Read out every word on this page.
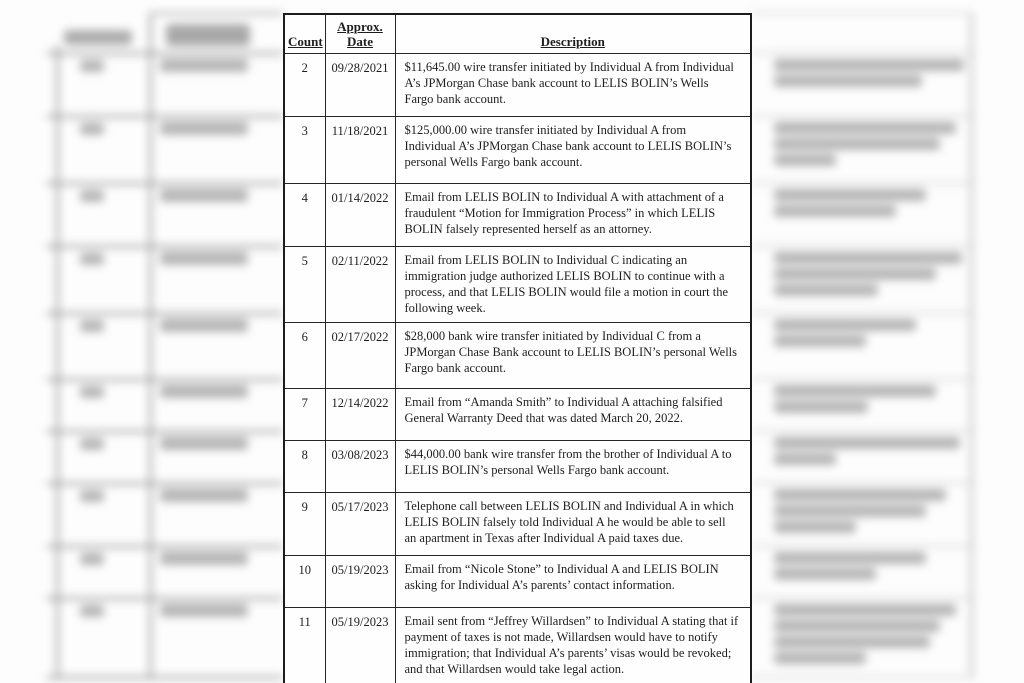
Count	Approx. Date	Description
2	09/28/2021	$11,645.00 wire transfer initiated by Individual A from Individual A’s JPMorgan Chase bank account to LELIS BOLIN’s Wells Fargo bank account.
3	11/18/2021	$125,000.00 wire transfer initiated by Individual A from Individual A’s JPMorgan Chase bank account to LELIS BOLIN’s personal Wells Fargo bank account.
4	01/14/2022	Email from LELIS BOLIN to Individual A with attachment of a fraudulent “Motion for Immigration Process” in which LELIS BOLIN falsely represented herself as an attorney.
5	02/11/2022	Email from LELIS BOLIN to Individual C indicating an immigration judge authorized LELIS BOLIN to continue with a process, and that LELIS BOLIN would file a motion in court the following week.
6	02/17/2022	$28,000 bank wire transfer initiated by Individual C from a JPMorgan Chase Bank account to LELIS BOLIN’s personal Wells Fargo bank account.
7	12/14/2022	Email from “Amanda Smith” to Individual A attaching falsified General Warranty Deed that was dated March 20, 2022.
8	03/08/2023	$44,000.00 bank wire transfer from the brother of Individual A to LELIS BOLIN’s personal Wells Fargo bank account.
9	05/17/2023	Telephone call between LELIS BOLIN and Individual A in which LELIS BOLIN falsely told Individual A he would be able to sell an apartment in Texas after Individual A paid taxes due.
10	05/19/2023	Email from “Nicole Stone” to Individual A and LELIS BOLIN asking for Individual A’s parents’ contact information.
11	05/19/2023	Email sent from “Jeffrey Willardsen” to Individual A stating that if payment of taxes is not made, Willardsen would have to notify immigration; that Individual A’s parents’ visas would be revoked; and that Willardsen would take legal action.
